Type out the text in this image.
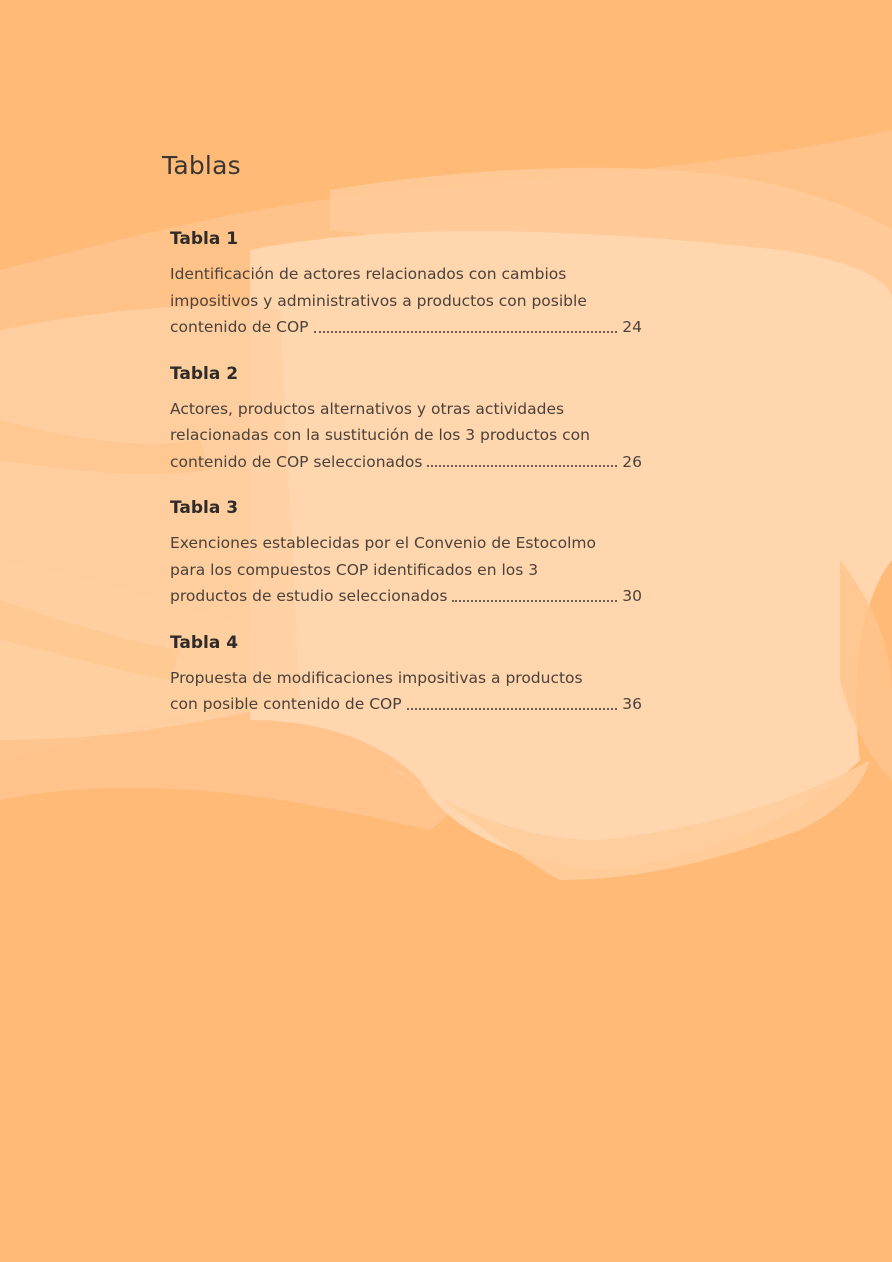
Tablas
Tabla 1
Identificación de actores relacionados con cambios
impositivos y administrativos a productos con posible
contenido de COP	24
Tabla 2
Actores, productos alternativos y otras actividades
relacionadas con la sustitución de los 3 productos con
contenido de COP seleccionados	26
Tabla 3
Exenciones establecidas por el Convenio de Estocolmo
para los compuestos COP identificados en los 3
productos de estudio seleccionados	30
Tabla 4
Propuesta de modificaciones impositivas a productos
con posible contenido de COP	36
